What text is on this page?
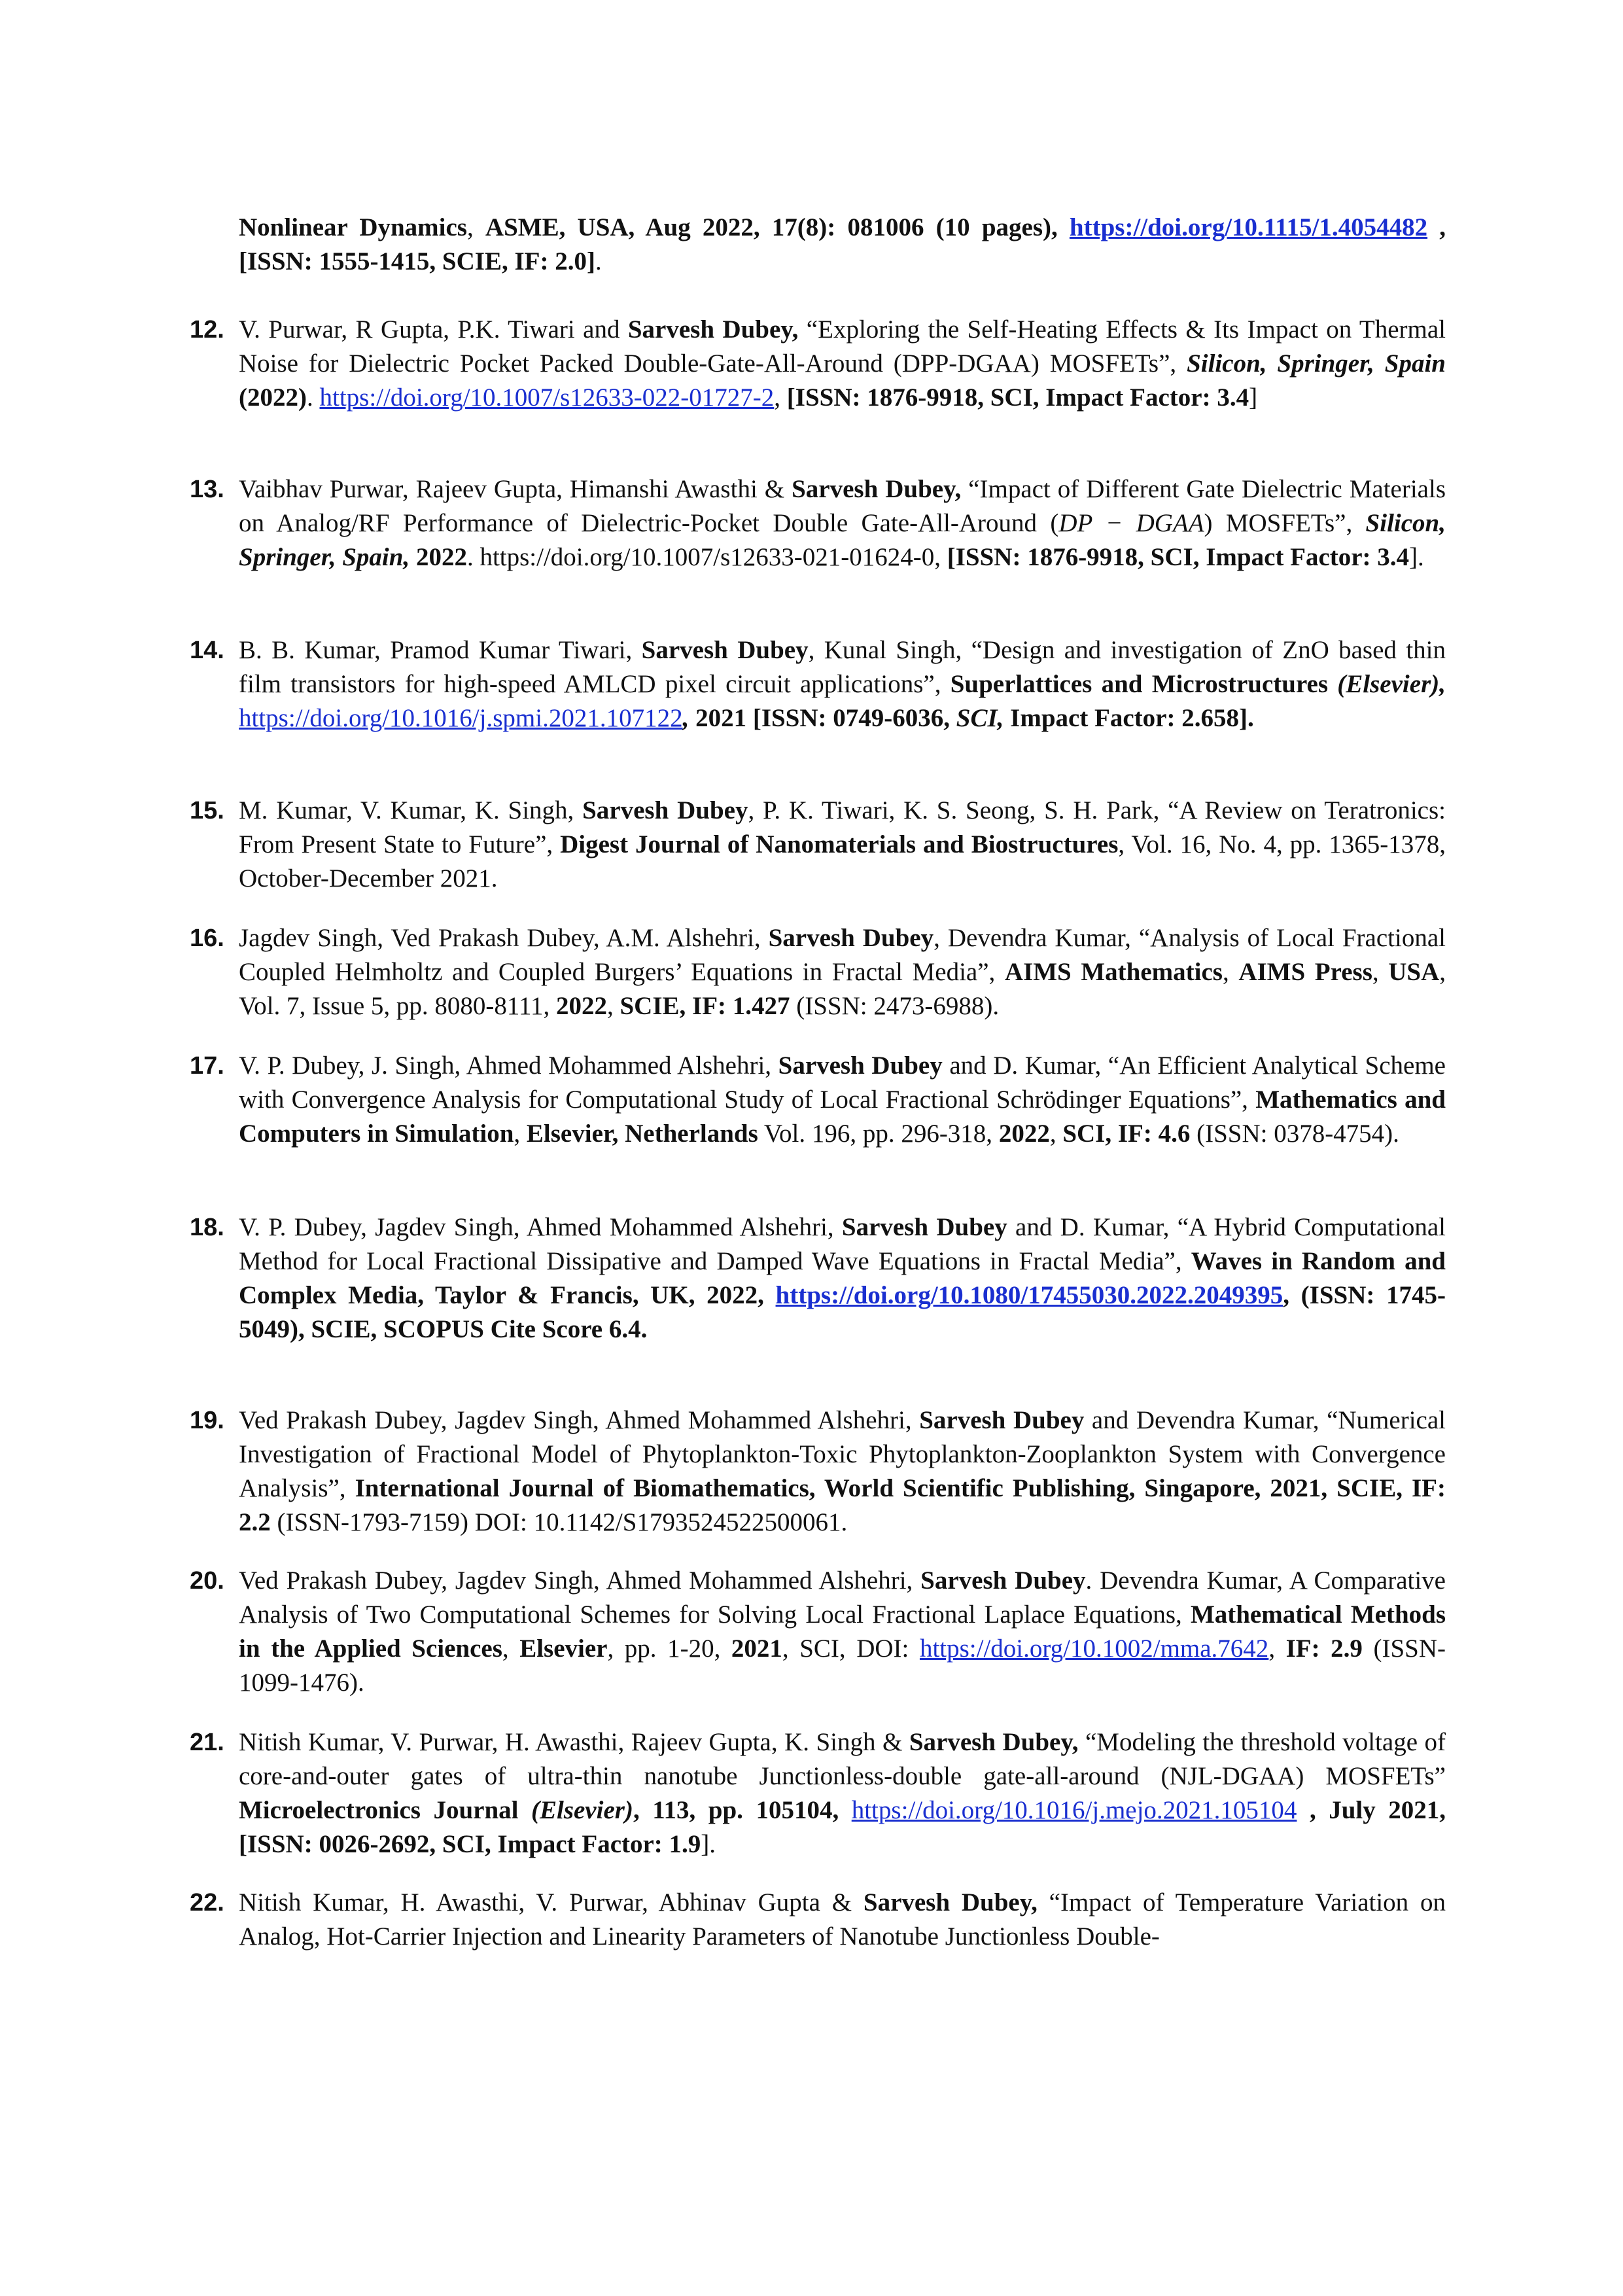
Nonlinear Dynamics, ASME, USA, Aug 2022, 17(8): 081006 (10 pages), https://doi.org/10.1115/1.4054482 , [ISSN: 1555-1415, SCIE, IF: 2.0].
12. V. Purwar, R Gupta, P.K. Tiwari and Sarvesh Dubey, “Exploring the Self-Heating Effects & Its Impact on Thermal Noise for Dielectric Pocket Packed Double-Gate-All-Around (DPP-DGAA) MOSFETs”, Silicon, Springer, Spain (2022). https://doi.org/10.1007/s12633-022-01727-2, [ISSN: 1876-9918, SCI, Impact Factor: 3.4]
13. Vaibhav Purwar, Rajeev Gupta, Himanshi Awasthi & Sarvesh Dubey, “Impact of Different Gate Dielectric Materials on Analog/RF Performance of Dielectric-Pocket Double Gate-All-Around (DP − DGAA) MOSFETs”, Silicon, Springer, Spain, 2022. https://doi.org/10.1007/s12633-021-01624-0, [ISSN: 1876-9918, SCI, Impact Factor: 3.4].
14. B. B. Kumar, Pramod Kumar Tiwari, Sarvesh Dubey, Kunal Singh, “Design and investigation of ZnO based thin film transistors for high-speed AMLCD pixel circuit applications”, Superlattices and Microstructures (Elsevier), https://doi.org/10.1016/j.spmi.2021.107122, 2021 [ISSN: 0749-6036, SCI, Impact Factor: 2.658].
15. M. Kumar, V. Kumar, K. Singh, Sarvesh Dubey, P. K. Tiwari, K. S. Seong, S. H. Park, “A Review on Teratronics: From Present State to Future”, Digest Journal of Nanomaterials and Biostructures, Vol. 16, No. 4, pp. 1365-1378, October-December 2021.
16. Jagdev Singh, Ved Prakash Dubey, A.M. Alshehri, Sarvesh Dubey, Devendra Kumar, “Analysis of Local Fractional Coupled Helmholtz and Coupled Burgers’ Equations in Fractal Media”, AIMS Mathematics, AIMS Press, USA, Vol. 7, Issue 5, pp. 8080-8111, 2022, SCIE, IF: 1.427 (ISSN: 2473-6988).
17. V. P. Dubey, J. Singh, Ahmed Mohammed Alshehri, Sarvesh Dubey and D. Kumar, “An Efficient Analytical Scheme with Convergence Analysis for Computational Study of Local Fractional Schrödinger Equations”, Mathematics and Computers in Simulation, Elsevier, Netherlands Vol. 196, pp. 296-318, 2022, SCI, IF: 4.6 (ISSN: 0378-4754).
18. V. P. Dubey, Jagdev Singh, Ahmed Mohammed Alshehri, Sarvesh Dubey and D. Kumar, “A Hybrid Computational Method for Local Fractional Dissipative and Damped Wave Equations in Fractal Media”, Waves in Random and Complex Media, Taylor & Francis, UK, 2022, https://doi.org/10.1080/17455030.2022.2049395, (ISSN: 1745-5049), SCIE, SCOPUS Cite Score 6.4.
19. Ved Prakash Dubey, Jagdev Singh, Ahmed Mohammed Alshehri, Sarvesh Dubey and Devendra Kumar, “Numerical Investigation of Fractional Model of Phytoplankton-Toxic Phytoplankton-Zooplankton System with Convergence Analysis”, International Journal of Biomathematics, World Scientific Publishing, Singapore, 2021, SCIE, IF: 2.2 (ISSN-1793-7159) DOI: 10.1142/S1793524522500061.
20. Ved Prakash Dubey, Jagdev Singh, Ahmed Mohammed Alshehri, Sarvesh Dubey. Devendra Kumar, A Comparative Analysis of Two Computational Schemes for Solving Local Fractional Laplace Equations, Mathematical Methods in the Applied Sciences, Elsevier, pp. 1-20, 2021, SCI, DOI: https://doi.org/10.1002/mma.7642, IF: 2.9 (ISSN-1099-1476).
21. Nitish Kumar, V. Purwar, H. Awasthi, Rajeev Gupta, K. Singh & Sarvesh Dubey, “Modeling the threshold voltage of core-and-outer gates of ultra-thin nanotube Junctionless-double gate-all-around (NJL-DGAA) MOSFETs” Microelectronics Journal (Elsevier), 113, pp. 105104, https://doi.org/10.1016/j.mejo.2021.105104 , July 2021, [ISSN: 0026-2692, SCI, Impact Factor: 1.9].
22. Nitish Kumar, H. Awasthi, V. Purwar, Abhinav Gupta & Sarvesh Dubey, “Impact of Temperature Variation on Analog, Hot-Carrier Injection and Linearity Parameters of Nanotube Junctionless Double-
